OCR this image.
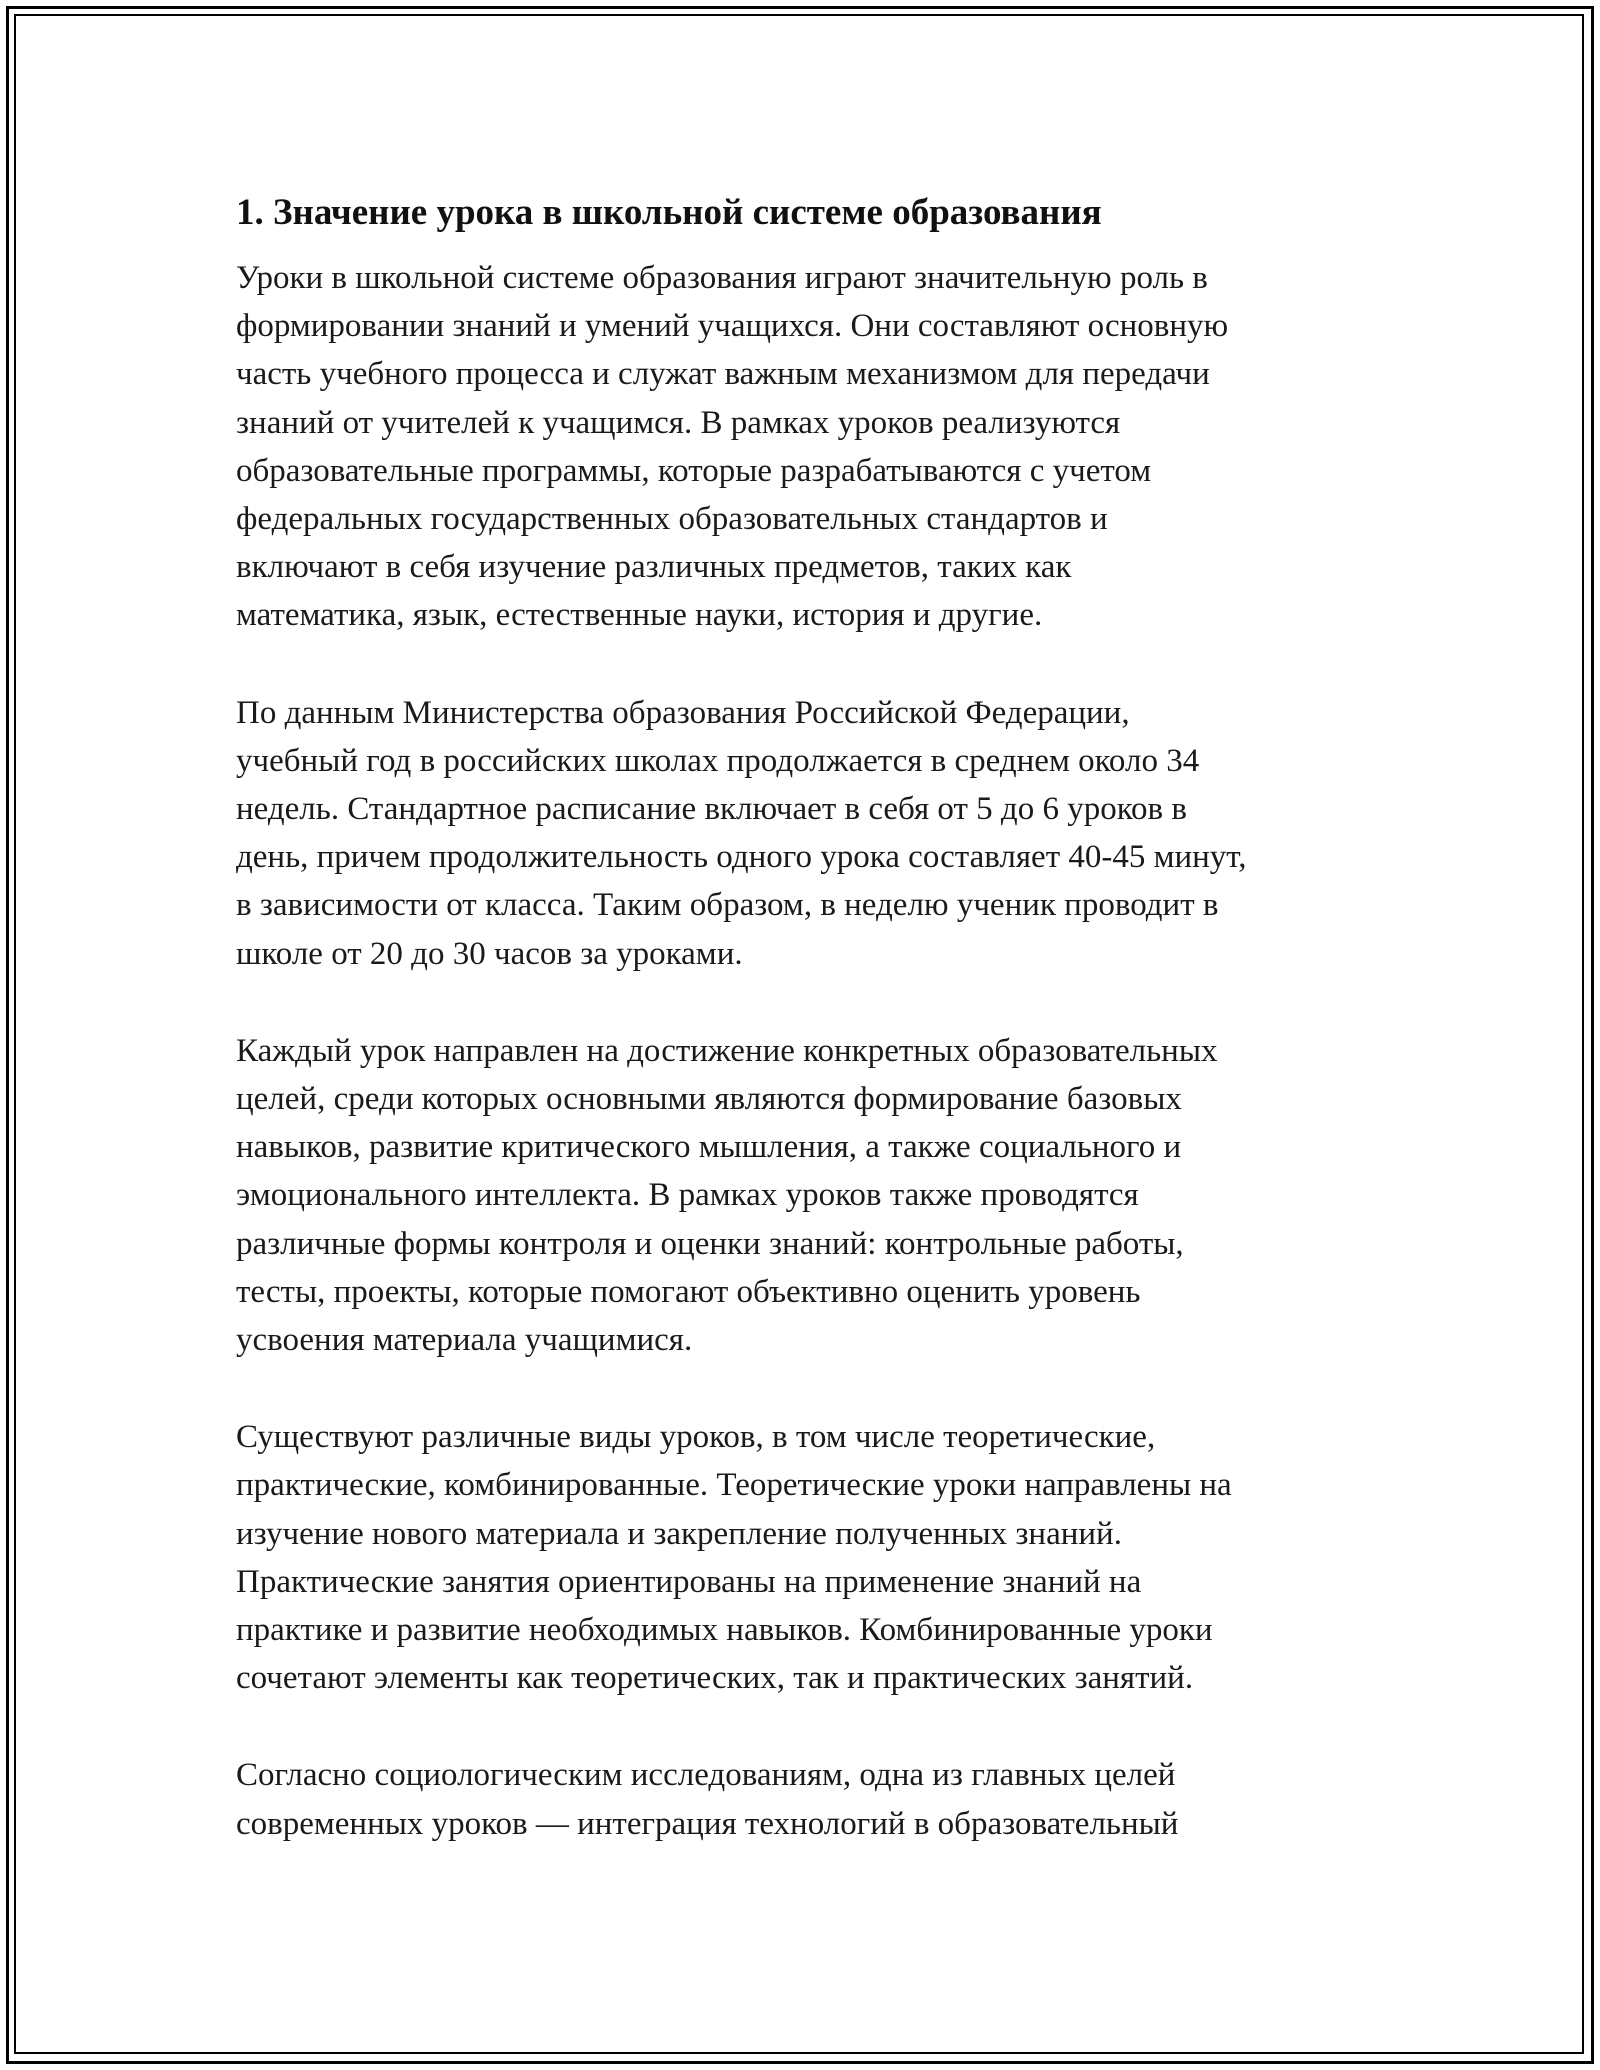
1. Значение урока в школьной системе образования

Уроки в школьной системе образования играют значительную роль в
формировании знаний и умений учащихся. Они составляют основную
часть учебного процесса и служат важным механизмом для передачи
знаний от учителей к учащимся. В рамках уроков реализуются
образовательные программы, которые разрабатываются с учетом
федеральных государственных образовательных стандартов и
включают в себя изучение различных предметов, таких как
математика, язык, естественные науки, история и другие.

По данным Министерства образования Российской Федерации,
учебный год в российских школах продолжается в среднем около 34
недель. Стандартное расписание включает в себя от 5 до 6 уроков в
день, причем продолжительность одного урока составляет 40-45 минут,
в зависимости от класса. Таким образом, в неделю ученик проводит в
школе от 20 до 30 часов за уроками.

Каждый урок направлен на достижение конкретных образовательных
целей, среди которых основными являются формирование базовых
навыков, развитие критического мышления, а также социального и
эмоционального интеллекта. В рамках уроков также проводятся
различные формы контроля и оценки знаний: контрольные работы,
тесты, проекты, которые помогают объективно оценить уровень
усвоения материала учащимися.

Существуют различные виды уроков, в том числе теоретические,
практические, комбинированные. Теоретические уроки направлены на
изучение нового материала и закрепление полученных знаний.
Практические занятия ориентированы на применение знаний на
практике и развитие необходимых навыков. Комбинированные уроки
сочетают элементы как теоретических, так и практических занятий.

Согласно социологическим исследованиям, одна из главных целей
современных уроков — интеграция технологий в образовательный
